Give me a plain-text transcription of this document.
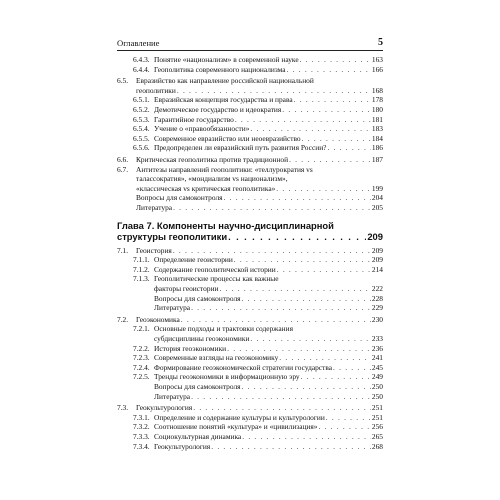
Оглавление	5
6.4.3. Понятие «национализм» в современной науке . . .	163
6.4.4. Геополитика современного национализма . . .	166
6.5. Евразийство как направление российской национальной
геополитики . . .	168
6.5.1. Евразийская концепция государства и права . . .	178
6.5.2. Демотическое государство и идеократия . . .	180
6.5.3. Гарантийное государство . . .	181
6.5.4. Учение о «правообязанности» . . .	183
6.5.5. Современное евразийство или неоевразийство . . .	184
6.5.6. Предопределен ли евразийский путь развития России? . . .	186
6.6. Критическая геополитика против традиционной . . .	187
6.7. Антитезы направлений геополитики: «теллурократия vs
талассократия», «мондиализм vs национализм»,
«классическая vs критическая геополитика» . . .	199
Вопросы для самоконтроля . . .	204
Литература . . .	205
Глава 7. Компоненты научно-дисциплинарной
структуры геополитики . . .	209
7.1. Геоистория . . .	209
7.1.1. Определение геоистории . . .	209
7.1.2. Содержание геополитической истории . . .	214
7.1.3. Геополитические процессы как важные
факторы геоистории . . .	222
Вопросы для самоконтроля . . .	228
Литература . . .	229
7.2. Геоэкономика . . .	230
7.2.1. Основные подходы и трактовки содержания
субдисциплины геоэкономики . . .	233
7.2.2. История геоэкономики . . .	236
7.2.3. Современные взгляды на геоэкономику . . .	241
7.2.4. Формирование геоэкономической стратегии государства . . .	245
7.2.5. Тренды геоэкономики в информационную эру . . .	249
Вопросы для самоконтроля . . .	250
Литература . . .	250
7.3. Геокультурология . . .	251
7.3.1. Определение и содержание культуры и культурологии . . .	251
7.3.2. Соотношение понятий «культура» и «цивилизация» . . .	256
7.3.3. Социокультурная динамика . . .	265
7.3.4. Геокультурология . . .	268
